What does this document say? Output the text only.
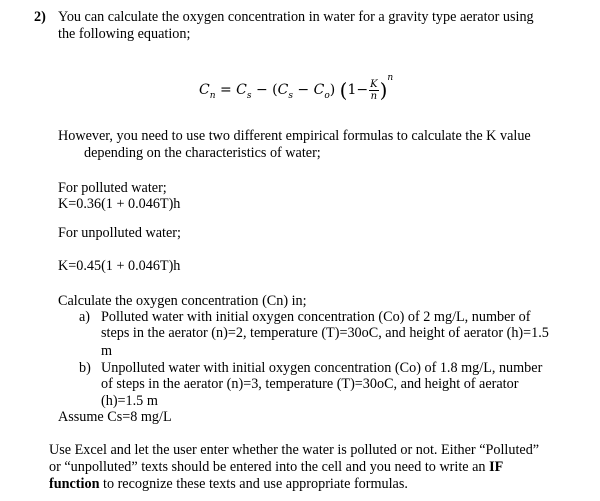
2) You can calculate the oxygen concentration in water for a gravity type aerator using
the following equation;
$C_n = C_s - (C_s - C_o)$ $(1- \frac{K}{n} )^n$
However, you need to use two different empirical formulas to calculate the K value
depending on the characteristics of water;
For polluted water;
K=0.36(1 + 0.046T)h
For unpolluted water;
K=0.45(1 + 0.046T)h
Calculate the oxygen concentration (Cn) in;
a) Polluted water with initial oxygen concentration (Co) of 2 mg/L, number of
steps in the aerator (n)=2, temperature (T)=30oC, and height of aerator (h)=1.5
m
b) Unpolluted water with initial oxygen concentration (Co) of 1.8 mg/L, number
of steps in the aerator (n)=3, temperature (T)=30oC, and height of aerator
(h)=1.5 m
Assume Cs=8 mg/L
Use Excel and let the user enter whether the water is polluted or not. Either “Polluted”
or “unpolluted” texts should be entered into the cell and you need to write an IF
function to recognize these texts and use appropriate formulas.
